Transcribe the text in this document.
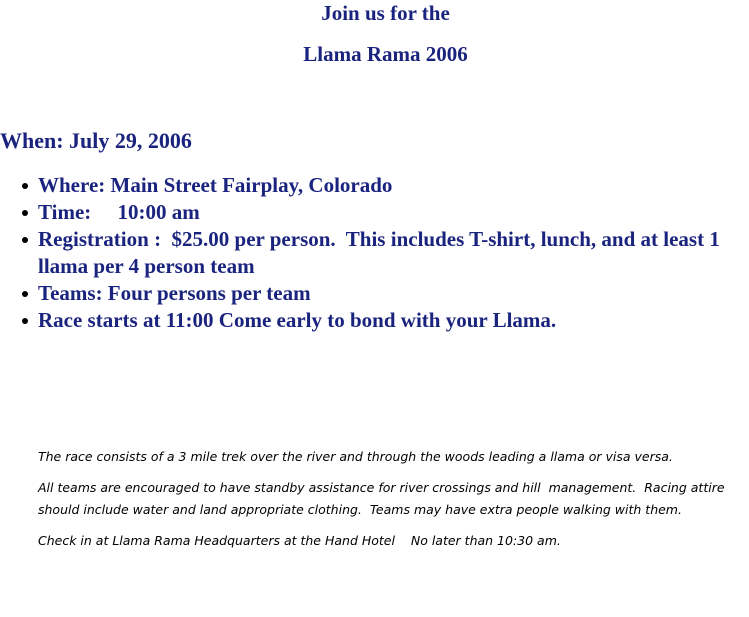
Join us for the
Llama Rama 2006
When: July 29, 2006
Where: Main Street Fairplay, Colorado
Time:     10:00 am
Registration :  $25.00 per person.  This includes T-shirt, lunch, and at least 1 llama per 4 person team
Teams: Four persons per team
Race starts at 11:00 Come early to bond with your Llama.

The race consists of a 3 mile trek over the river and through the woods leading a llama or visa versa.

All teams are encouraged to have standby assistance for river crossings and hill  management.  Racing attire should include water and land appropriate clothing.  Teams may have extra people walking with them.

Check in at Llama Rama Headquarters at the Hand Hotel    No later than 10:30 am.
